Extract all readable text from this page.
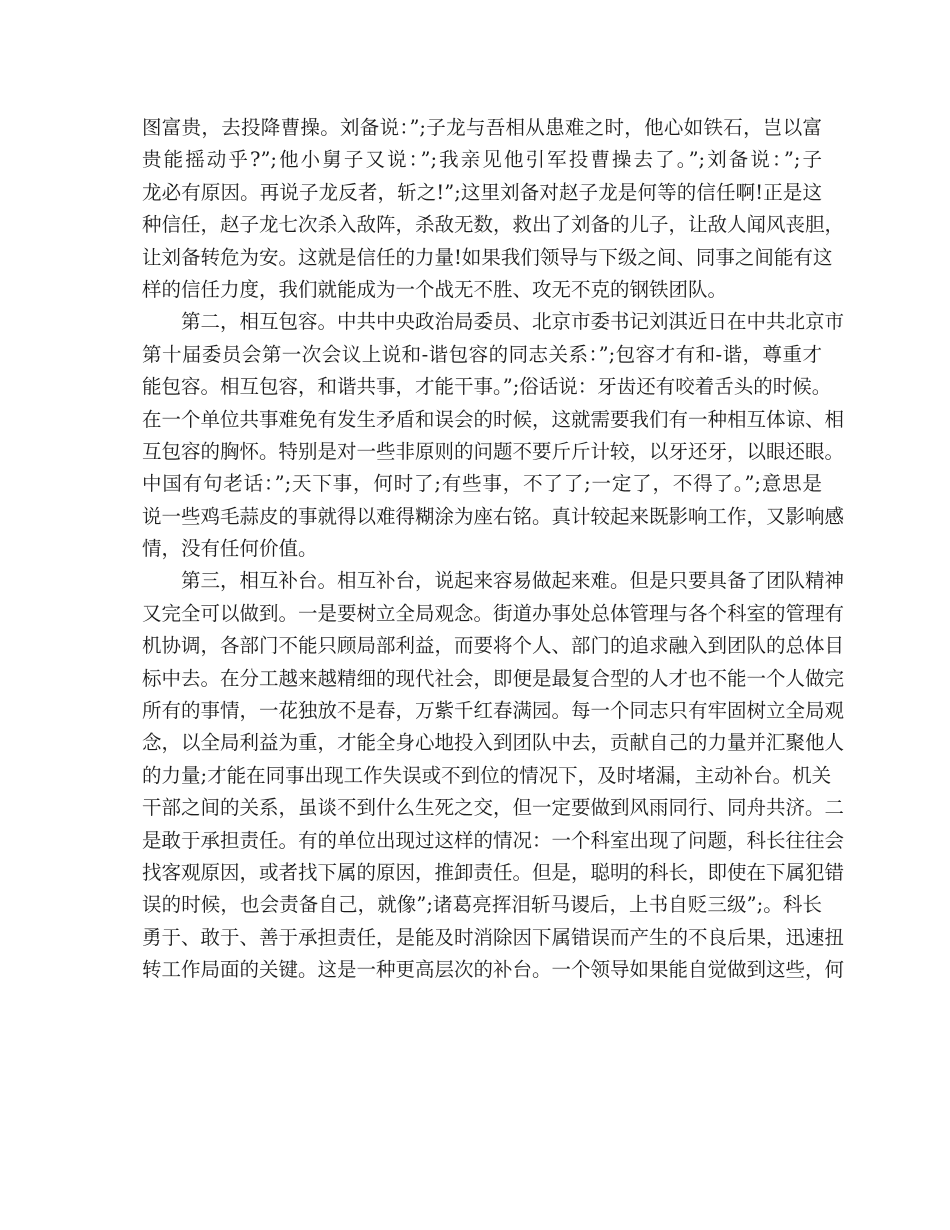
图富贵，去投降曹操。刘备说：”;子龙与吾相从患难之时，他心如铁石，岂以富
贵能摇动乎?”;他小舅子又说：”;我亲见他引军投曹操去了。”;刘备说：”;子
龙必有原因。再说子龙反者，斩之!”;这里刘备对赵子龙是何等的信任啊!正是这
种信任，赵子龙七次杀入敌阵，杀敌无数，救出了刘备的儿子，让敌人闻风丧胆，
让刘备转危为安。这就是信任的力量!如果我们领导与下级之间、同事之间能有这
样的信任力度，我们就能成为一个战无不胜、攻无不克的钢铁团队。
　　第二，相互包容。中共中央政治局委员、北京市委书记刘淇近日在中共北京市
第十届委员会第一次会议上说和-谐包容的同志关系：”;包容才有和-谐，尊重才
能包容。相互包容，和谐共事，才能干事。”;俗话说：牙齿还有咬着舌头的时候。
在一个单位共事难免有发生矛盾和误会的时候，这就需要我们有一种相互体谅、相
互包容的胸怀。特别是对一些非原则的问题不要斤斤计较，以牙还牙，以眼还眼。
中国有句老话：”;天下事，何时了;有些事，不了了;一定了，不得了。”;意思是
说一些鸡毛蒜皮的事就得以难得糊涂为座右铭。真计较起来既影响工作，又影响感
情，没有任何价值。
　　第三，相互补台。相互补台，说起来容易做起来难。但是只要具备了团队精神
又完全可以做到。一是要树立全局观念。街道办事处总体管理与各个科室的管理有
机协调，各部门不能只顾局部利益，而要将个人、部门的追求融入到团队的总体目
标中去。在分工越来越精细的现代社会，即便是最复合型的人才也不能一个人做完
所有的事情，一花独放不是春，万紫千红春满园。每一个同志只有牢固树立全局观
念，以全局利益为重，才能全身心地投入到团队中去，贡献自己的力量并汇聚他人
的力量;才能在同事出现工作失误或不到位的情况下，及时堵漏，主动补台。机关
干部之间的关系，虽谈不到什么生死之交，但一定要做到风雨同行、同舟共济。二
是敢于承担责任。有的单位出现过这样的情况：一个科室出现了问题，科长往往会
找客观原因，或者找下属的原因，推卸责任。但是，聪明的科长，即使在下属犯错
误的时候，也会责备自己，就像”;诸葛亮挥泪斩马谡后，上书自贬三级”;。科长
勇于、敢于、善于承担责任，是能及时消除因下属错误而产生的不良后果，迅速扭
转工作局面的关键。这是一种更高层次的补台。一个领导如果能自觉做到这些，何
